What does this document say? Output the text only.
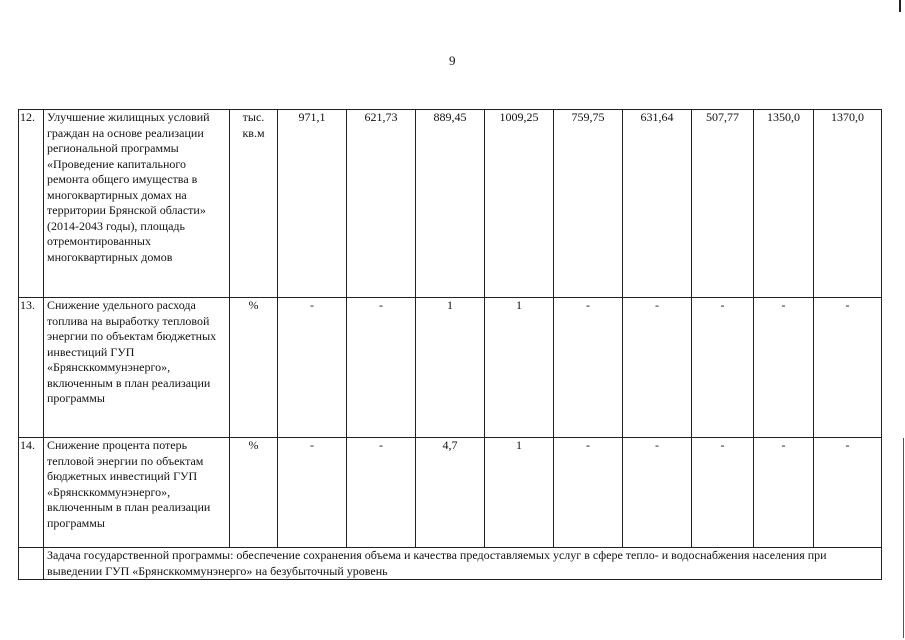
9
12.	Улучшение жилищных условий граждан на основе реализации региональной программы «Проведение капитального ремонта общего имущества в многоквартирных домах на территории Брянской области» (2014-2043 годы), площадь отремонтированных многоквартирных домов	тыс. кв.м	971,1	621,73	889,45	1009,25	759,75	631,64	507,77	1350,0	1370,0
13.	Снижение удельного расхода топлива на выработку тепловой энергии по объектам бюджетных инвестиций ГУП «Брянсккоммунэнерго», включенным в план реализации программы	%	-	-	1	1	-	-	-	-	-
14.	Снижение процента потерь тепловой энергии по объектам бюджетных инвестиций ГУП «Брянсккоммунэнерго», включенным в план реализации программы	%	-	-	4,7	1	-	-	-	-	-
	Задача государственной программы: обеспечение сохранения объема и качества предоставляемых услуг в сфере тепло- и водоснабжения населения при выведении ГУП «Брянсккоммунэнерго» на безубыточный уровень										
